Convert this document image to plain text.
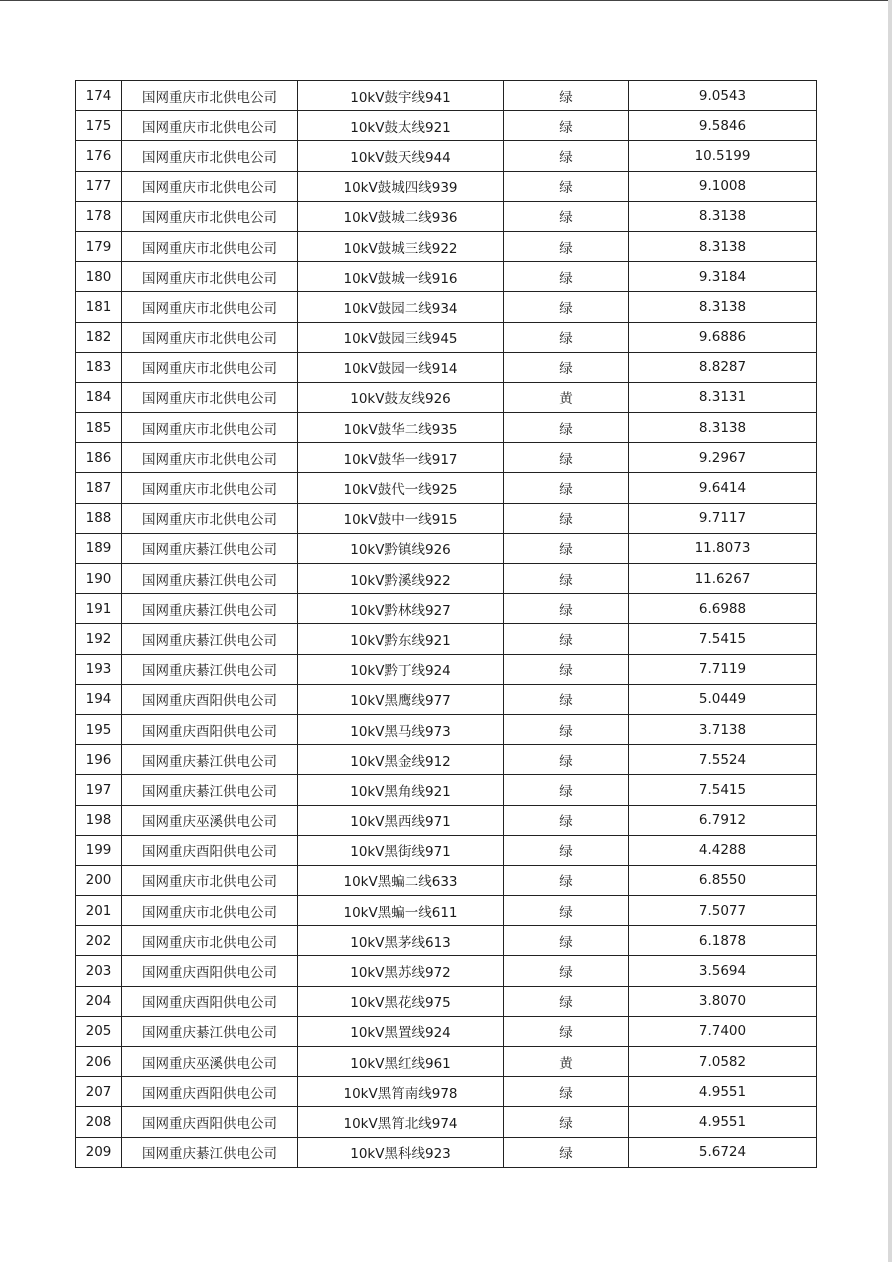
174	国网重庆市北供电公司	10kV鼓宇线941	绿	9.0543
175	国网重庆市北供电公司	10kV鼓太线921	绿	9.5846
176	国网重庆市北供电公司	10kV鼓天线944	绿	10.5199
177	国网重庆市北供电公司	10kV鼓城四线939	绿	9.1008
178	国网重庆市北供电公司	10kV鼓城二线936	绿	8.3138
179	国网重庆市北供电公司	10kV鼓城三线922	绿	8.3138
180	国网重庆市北供电公司	10kV鼓城一线916	绿	9.3184
181	国网重庆市北供电公司	10kV鼓园二线934	绿	8.3138
182	国网重庆市北供电公司	10kV鼓园三线945	绿	9.6886
183	国网重庆市北供电公司	10kV鼓园一线914	绿	8.8287
184	国网重庆市北供电公司	10kV鼓友线926	黄	8.3131
185	国网重庆市北供电公司	10kV鼓华二线935	绿	8.3138
186	国网重庆市北供电公司	10kV鼓华一线917	绿	9.2967
187	国网重庆市北供电公司	10kV鼓代一线925	绿	9.6414
188	国网重庆市北供电公司	10kV鼓中一线915	绿	9.7117
189	国网重庆綦江供电公司	10kV黔镇线926	绿	11.8073
190	国网重庆綦江供电公司	10kV黔溪线922	绿	11.6267
191	国网重庆綦江供电公司	10kV黔林线927	绿	6.6988
192	国网重庆綦江供电公司	10kV黔东线921	绿	7.5415
193	国网重庆綦江供电公司	10kV黔丁线924	绿	7.7119
194	国网重庆酉阳供电公司	10kV黑鹰线977	绿	5.0449
195	国网重庆酉阳供电公司	10kV黑马线973	绿	3.7138
196	国网重庆綦江供电公司	10kV黑金线912	绿	7.5524
197	国网重庆綦江供电公司	10kV黑角线921	绿	7.5415
198	国网重庆巫溪供电公司	10kV黑西线971	绿	6.7912
199	国网重庆酉阳供电公司	10kV黑街线971	绿	4.4288
200	国网重庆市北供电公司	10kV黑蝙二线633	绿	6.8550
201	国网重庆市北供电公司	10kV黑蝙一线611	绿	7.5077
202	国网重庆市北供电公司	10kV黑茅线613	绿	6.1878
203	国网重庆酉阳供电公司	10kV黑苏线972	绿	3.5694
204	国网重庆酉阳供电公司	10kV黑花线975	绿	3.8070
205	国网重庆綦江供电公司	10kV黑置线924	绿	7.7400
206	国网重庆巫溪供电公司	10kV黑红线961	黄	7.0582
207	国网重庆酉阳供电公司	10kV黑筲南线978	绿	4.9551
208	国网重庆酉阳供电公司	10kV黑筲北线974	绿	4.9551
209	国网重庆綦江供电公司	10kV黑科线923	绿	5.6724
